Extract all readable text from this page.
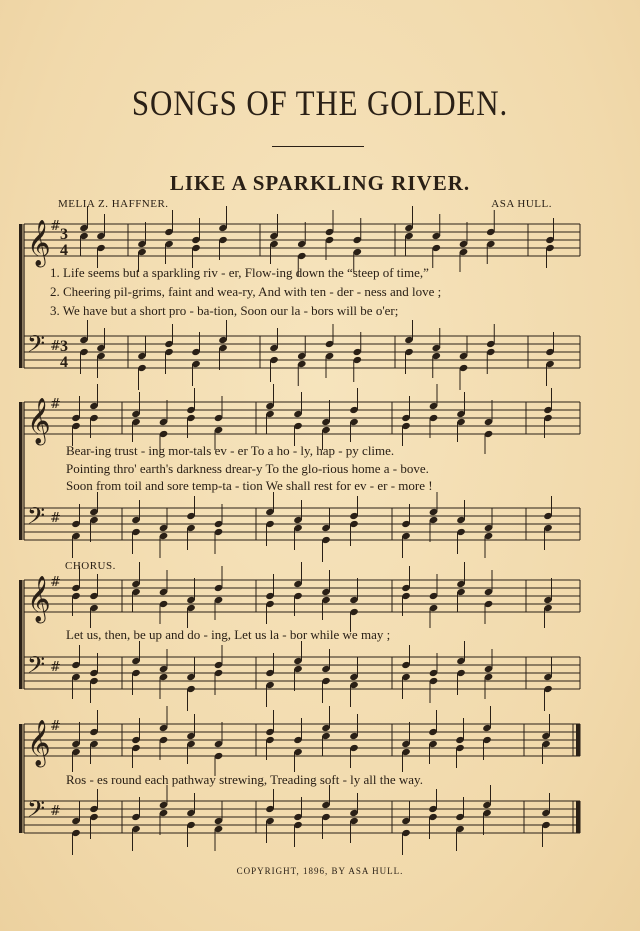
SONGS OF THE GOLDEN.
LIKE A SPARKLING RIVER.
MELIA Z. HAFFNER.	ASA HULL.
𝄞 # 3
4
𝄢 # 3
4
𝄞 #
𝄢 #
𝄞 #
𝄢 #
𝄞 #
𝄢 #
1. Life seems but a sparkling riv - er, Flow-ing down the “steep of time,”
2. Cheering pil-grims, faint and wea-ry, And with ten - der - ness and love ;
3. We have but a short pro - ba-tion, Soon our la - bors will be o'er;
Bear-ing trust - ing mor-tals ev - er To a ho - ly, hap - py clime.
Pointing thro' earth's darkness drear-y To the glo-rious home a - bove.
Soon from toil and sore temp-ta - tion We shall rest for ev - er - more !
CHORUS.
Let us, then, be up and do - ing, Let us la - bor while we may ;
Ros - es round each pathway strewing, Treading soft - ly all the way.
COPYRIGHT, 1896, BY ASA HULL.
